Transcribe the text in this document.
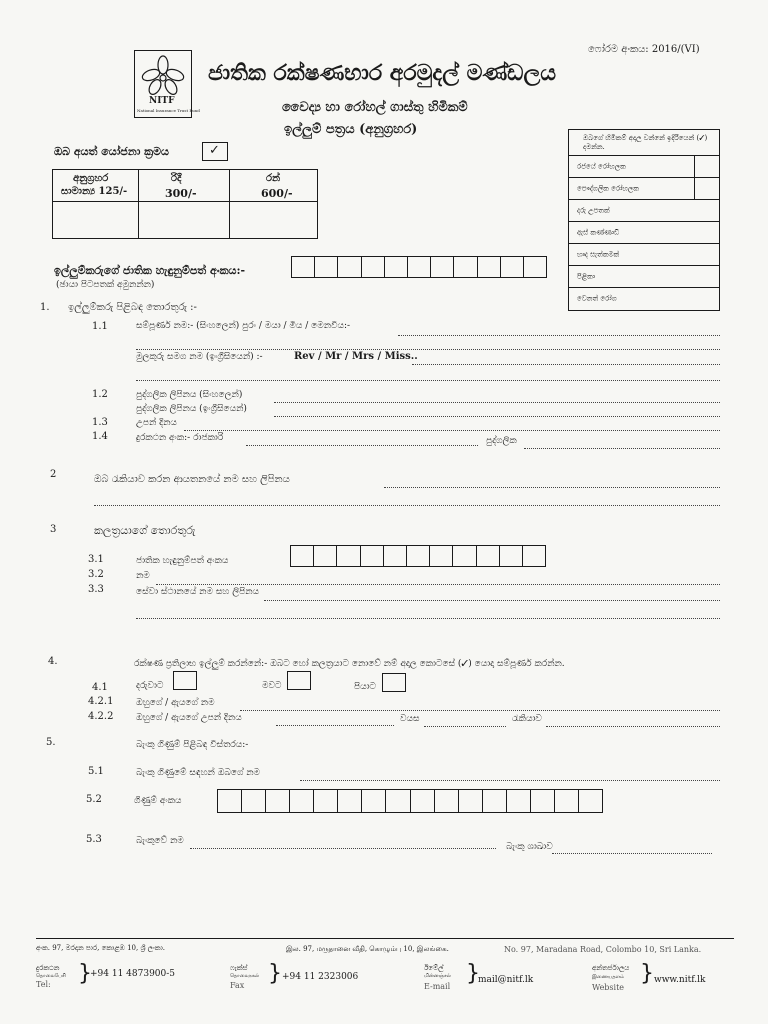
ෆෝරම අංකය: 2016/(VI)
NITF
National Insurance Trust Fund
ජාතික රක්ෂණභාර අරමුදල් මණ්ඩලය
වෛද්‍ය හා රෝහල් ගාස්තු හිමිකම්
ඉල්ලුම් පත්‍රය (අනුග්‍රහර)
ඔබ අයත් යෝජනා ක්‍රමය	✓
අනුග්‍රහර	රිදී	රන්
සාමාන්‍ය 125/-	300/-	600/-
ඔබගේ හිමිකම් අදාල වන්නේ ඉදිරියෙන් (✓) දමන්න.
රජයේ රෝහලක
පෞද්ගලික රෝහලක
දරු උපතක්
ඇස් කණ්ණාඩි
හෘද සැත්කමක්
පිළිකා
වෙනත් රෝග
ඉල්ලුම්කරුගේ ජාතික හැඳුනුම්පත් අංකය:-
(ඡායා පිටපතක් අමුනන්න)
1. ඉල්ලුම්කරු පිළිබඳ තොරතුරු :-
1.1	සම්පූර්ණ නම:- (සිංහලෙන්) පුරං / මයා / මිය / මෙනවිය:-
මුලකුරු සමග නම (ඉංග්‍රීසියෙන්) :-	Rev / Mr / Mrs / Miss..
1.2	පුද්ගලික ලිපිනය (සිංහලෙන්)
පුද්ගලික ලිපිනය (ඉංග්‍රීසියෙන්)
1.3	උපන් දිනය
1.4	දුරකථන අංක:- රාජකාරි	පුද්ගලික
2	ඔබ රැකියාව කරන ආයතනයේ නම සහ ලිපිනය
3	කලත්‍රයාගේ තොරතුරු
3.1	ජාතික හැඳුනුම්පත් අංකය
3.2	නම
3.3	සේවා ස්ථානයේ නම සහ ලිපිනය
4.	රක්ෂණ ප්‍රතිලාභ ඉල්ලුම් කරන්නේ:- ඔබට හෝ කලත්‍රයාට නොවේ නම් අදාල කොටසේ (✓) යොදා සම්පූර්ණ කරන්න.
4.1	දරුවාට	මවට	පියාට
4.2.1	ඔහුගේ / ඇයගේ නම
4.2.2	ඔහුගේ / ඇයගේ උපන් දිනය	වයස	රැකියාව
5.	බැංකු ගිණුම් පිළිබඳ විස්තරය:-
5.1	බැංකු ගිණුමේ සඳහන් ඔබගේ නම
5.2	ගිණුම් අංකය
5.3	බැංකුවේ නම
බැංකු ශාඛාව
අංක. 97, මරදාන පාර, කොළඹ 10, ශ්‍රී ලංකා.	இல. 97, மருதானை வீதி, கொழும்பு 10, இலங்கை.	No. 97, Maradana Road, Colombo 10, Sri Lanka.
දුරකථන
தொலைபேசி
Tel: }
+94 11 4873900-5
ෆැක්ස්
தொலைநகல்
Fax } +94 11 2323006
ඊමේල්
மின்னஞ்சல்
E-mail
}
mail@nitf.lk
අන්තර්ජාලය
இணையதளம்
Website
} www.nitf.lk
